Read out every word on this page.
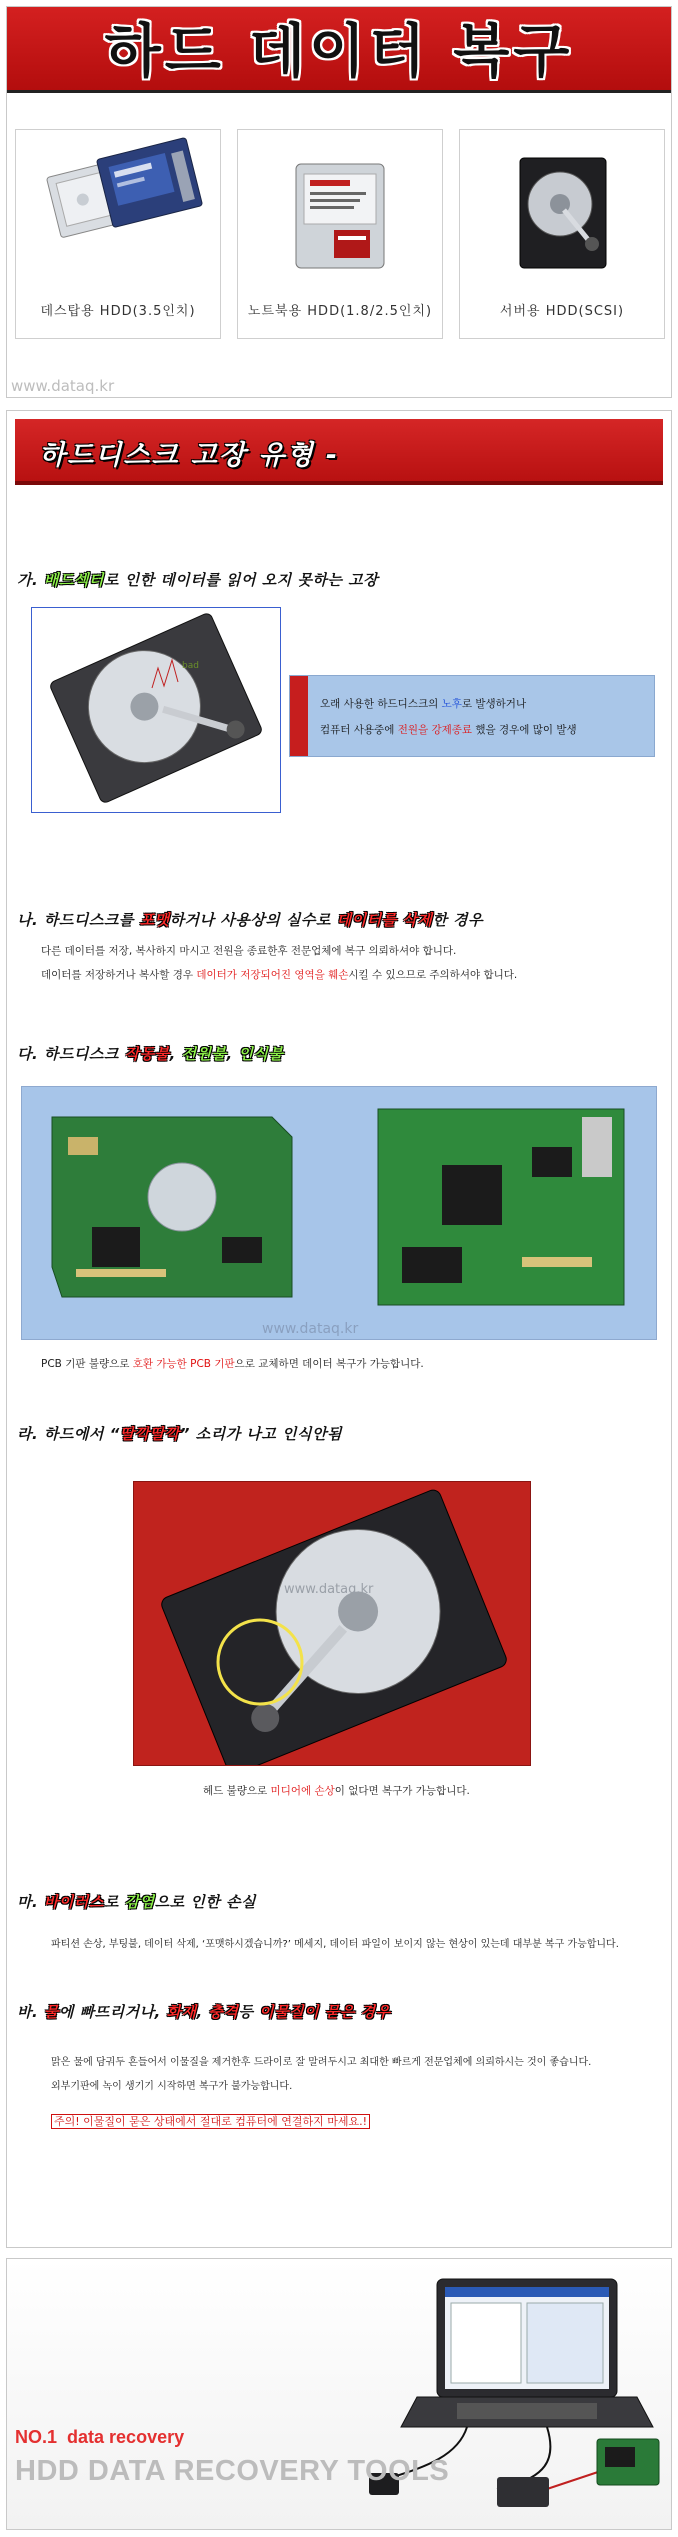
하드 데이터 복구
데스탑용 HDD(3.5인치)	노트북용 HDD(1.8/2.5인치)	서버용 HDD(SCSI)
www.dataq.kr
하드디스크 고장 유형 -
가. 배드섹터로 인한 데이터를 읽어 오지 못하는 고장
bad
오래 사용한 하드디스크의 노후로 발생하거나
컴퓨터 사용중에 전원을 강제종료 했을 경우에 많이 발생
나. 하드디스크를 포맷하거나 사용상의 실수로 데이터를 삭제한 경우
다른 데이터를 저장, 복사하지 마시고 전원을 종료한후 전문업체에 복구 의뢰하셔야 합니다.
데이터를 저장하거나 복사할 경우 데이터가 저장되어진 영역을 훼손시킬 수 있으므로 주의하셔야 합니다.
다. 하드디스크 작동불, 전원불, 인식불
www.dataq.kr
PCB 기판 불량으로 호환 가능한 PCB 기판으로 교체하면 데이터 복구가 가능합니다.
라. 하드에서 “딸깍딸깍” 소리가 나고 인식안됨
www.dataq.kr
헤드 불량으로 미디어에 손상이 없다면 복구가 가능합니다.
마. 바이러스로 감염으로 인한 손실
파티션 손상, 부팅불, 데이터 삭제, ‘포맷하시겠습니까?’ 메세지, 데이터 파일이 보이지 않는 현상이 있는데 대부분 복구 가능합니다.
바. 물에 빠뜨리거나, 화재, 충격등 이물질이 묻은 경우
맑은 물에 담궈두 흔들어서 이물질을 제거한후 드라이로 잘 말려두시고 최대한 빠르게 전문업체에 의뢰하시는 것이 좋습니다.
외부기판에 녹이 생기기 시작하면 복구가 불가능합니다.
주의! 이물질이 묻은 상태에서 절대로 컴퓨터에 연결하지 마세요.!
NO.1 data recovery
HDD DATA RECOVERY TOOLS
